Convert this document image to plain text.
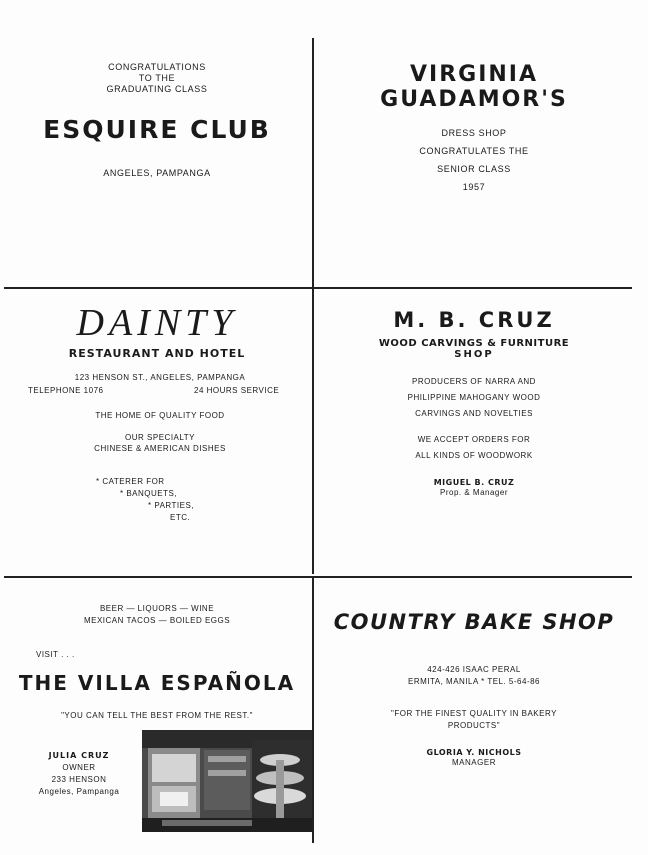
CONGRATULATIONS
TO THE
GRADUATING CLASS
ESQUIRE CLUB
ANGELES, PAMPANGA
VIRGINIA GUADAMOR'S
DRESS SHOP
CONGRATULATES THE
SENIOR CLASS
1957
DAINTY
RESTAURANT AND HOTEL
123 HENSON ST., ANGELES, PAMPANGA
TELEPHONE 1076	24 HOURS SERVICE
THE HOME OF QUALITY FOOD
OUR SPECIALTY
CHINESE & AMERICAN DISHES
* CATERER FOR
* BANQUETS,
* PARTIES,
ETC.
M. B. CRUZ
WOOD CARVINGS & FURNITURE
SHOP
PRODUCERS OF NARRA AND
PHILIPPINE MAHOGANY WOOD
CARVINGS AND NOVELTIES
WE ACCEPT ORDERS FOR
ALL KINDS OF WOODWORK
MIGUEL B. CRUZ
Prop. & Manager
BEER — LIQUORS — WINE
MEXICAN TACOS — BOILED EGGS
VISIT . . .
THE VILLA ESPAÑOLA
"YOU CAN TELL THE BEST FROM THE REST."
JULIA CRUZ
OWNER
233 HENSON
Angeles, Pampanga
COUNTRY BAKE SHOP
424-426 ISAAC PERAL
ERMITA, MANILA * TEL. 5-64-86
"FOR THE FINEST QUALITY IN BAKERY
PRODUCTS"
GLORIA Y. NICHOLS
MANAGER
